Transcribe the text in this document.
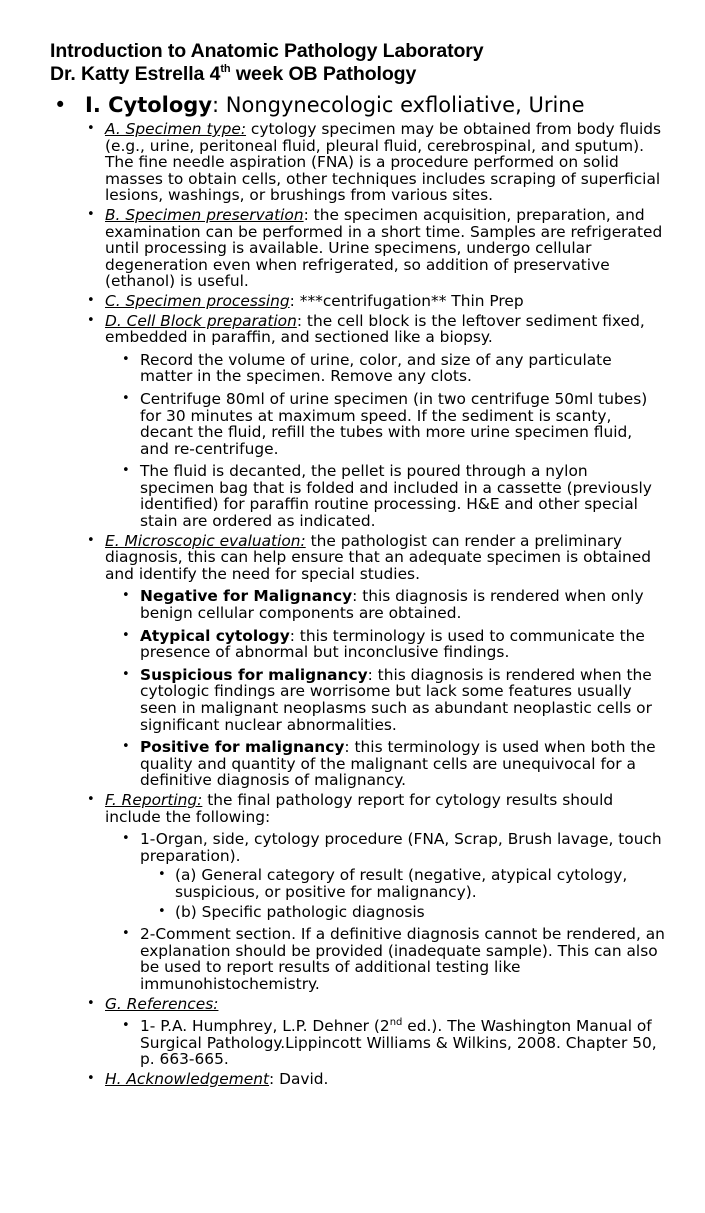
Introduction to Anatomic Pathology Laboratory
Dr. Katty Estrella 4th week OB Pathology
• I. Cytology: Nongynecologic exfloliative, Urine
• A. Specimen type: cytology specimen may be obtained from body fluids (e.g., urine, peritoneal fluid, pleural fluid, cerebrospinal, and sputum). The fine needle aspiration (FNA) is a procedure performed on solid masses to obtain cells, other techniques includes scraping of superficial lesions, washings, or brushings from various sites.
• B. Specimen preservation: the specimen acquisition, preparation, and examination can be performed in a short time. Samples are refrigerated until processing is available. Urine specimens, undergo cellular degeneration even when refrigerated, so addition of preservative (ethanol) is useful.
• C. Specimen processing: ***centrifugation** Thin Prep
• D. Cell Block preparation: the cell block is the leftover sediment fixed, embedded in paraffin, and sectioned like a biopsy.
• Record the volume of urine, color, and size of any particulate matter in the specimen. Remove any clots.
• Centrifuge 80ml of urine specimen (in two centrifuge 50ml tubes) for 30 minutes at maximum speed. If the sediment is scanty, decant the fluid, refill the tubes with more urine specimen fluid, and re-centrifuge.
• The fluid is decanted, the pellet is poured through a nylon specimen bag that is folded and included in a cassette (previously identified) for paraffin routine processing. H&E and other special stain are ordered as indicated.
• E. Microscopic evaluation: the pathologist can render a preliminary diagnosis, this can help ensure that an adequate specimen is obtained and identify the need for special studies.
• Negative for Malignancy: this diagnosis is rendered when only benign cellular components are obtained.
• Atypical cytology: this terminology is used to communicate the presence of abnormal but inconclusive findings.
• Suspicious for malignancy: this diagnosis is rendered when the cytologic findings are worrisome but lack some features usually seen in malignant neoplasms such as abundant neoplastic cells or significant nuclear abnormalities.
• Positive for malignancy: this terminology is used when both the quality and quantity of the malignant cells are unequivocal for a definitive diagnosis of malignancy.
• F. Reporting: the final pathology report for cytology results should include the following:
• 1-Organ, side, cytology procedure (FNA, Scrap, Brush lavage, touch preparation).
• (a) General category of result (negative, atypical cytology, suspicious, or positive for malignancy).
• (b) Specific pathologic diagnosis
• 2-Comment section. If a definitive diagnosis cannot be rendered, an explanation should be provided (inadequate sample). This can also be used to report results of additional testing like immunohistochemistry.
• G. References:
• 1- P.A. Humphrey, L.P. Dehner (2nd ed.). The Washington Manual of Surgical Pathology.Lippincott Williams & Wilkins, 2008. Chapter 50, p. 663-665.
• H. Acknowledgement: David.
